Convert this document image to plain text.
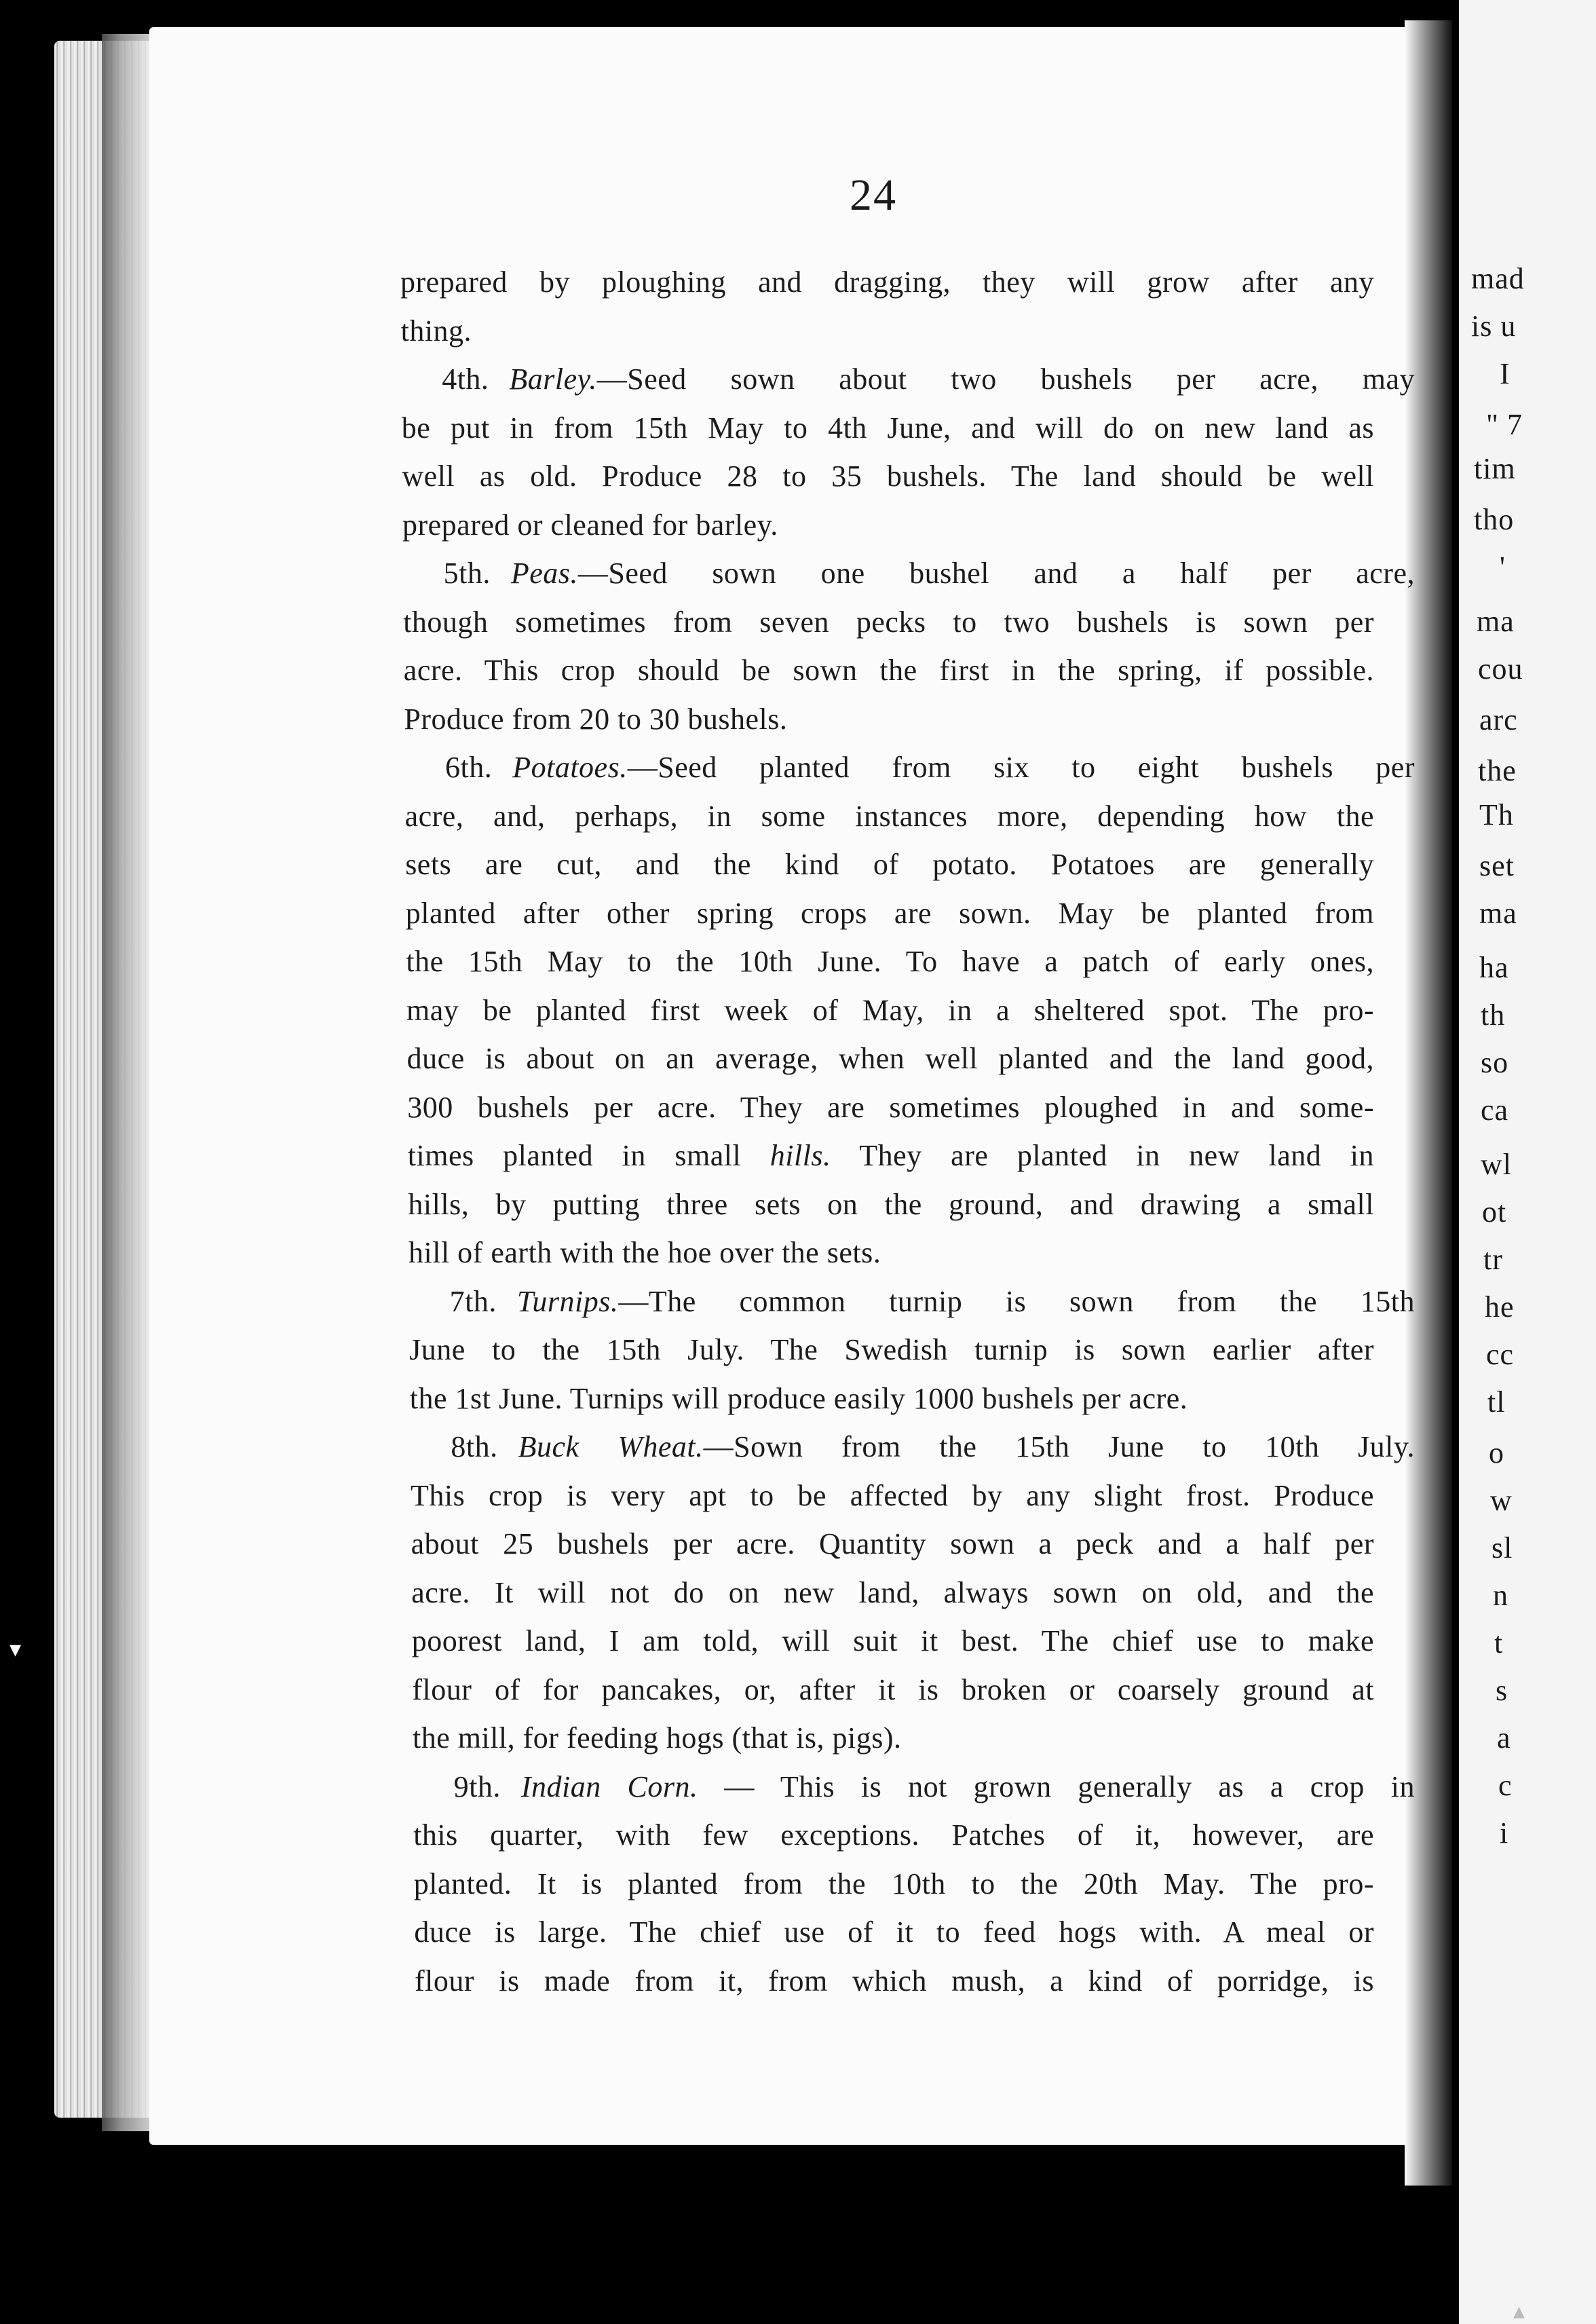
mad
is u
I
" 7
tim
tho
'
ma
cou
arc
the
Th
set
ma
ha
th
so
ca
wl
ot
tr
he
cc
tl
o
w
sl
n
t
s
a
c
i
24
prepared by ploughing and dragging, they will grow after any
thing.
4th. Barley.—Seed sown about two bushels per acre, may
be put in from 15th May to 4th June, and will do on new land as
well as old. Produce 28 to 35 bushels. The land should be well
prepared or cleaned for barley.
5th. Peas.—Seed sown one bushel and a half per acre,
though sometimes from seven pecks to two bushels is sown per
acre. This crop should be sown the first in the spring, if possible.
Produce from 20 to 30 bushels.
6th. Potatoes.—Seed planted from six to eight bushels per
acre, and, perhaps, in some instances more, depending how the
sets are cut, and the kind of potato. Potatoes are generally
planted after other spring crops are sown. May be planted from
the 15th May to the 10th June. To have a patch of early ones,
may be planted first week of May, in a sheltered spot. The pro-
duce is about on an average, when well planted and the land good,
300 bushels per acre. They are sometimes ploughed in and some-
times planted in small hills. They are planted in new land in
hills, by putting three sets on the ground, and drawing a small
hill of earth with the hoe over the sets.
7th. Turnips.—The common turnip is sown from the 15th
June to the 15th July. The Swedish turnip is sown earlier after
the 1st June. Turnips will produce easily 1000 bushels per acre.
8th. Buck Wheat.—Sown from the 15th June to 10th July.
This crop is very apt to be affected by any slight frost. Produce
about 25 bushels per acre. Quantity sown a peck and a half per
acre. It will not do on new land, always sown on old, and the
poorest land, I am told, will suit it best. The chief use to make
flour of for pancakes, or, after it is broken or coarsely ground at
the mill, for feeding hogs (that is, pigs).
9th. Indian Corn. — This is not grown generally as a crop in
this quarter, with few exceptions. Patches of it, however, are
planted. It is planted from the 10th to the 20th May. The pro-
duce is large. The chief use of it to feed hogs with. A meal or
flour is made from it, from which mush, a kind of porridge, is
▾
▴
